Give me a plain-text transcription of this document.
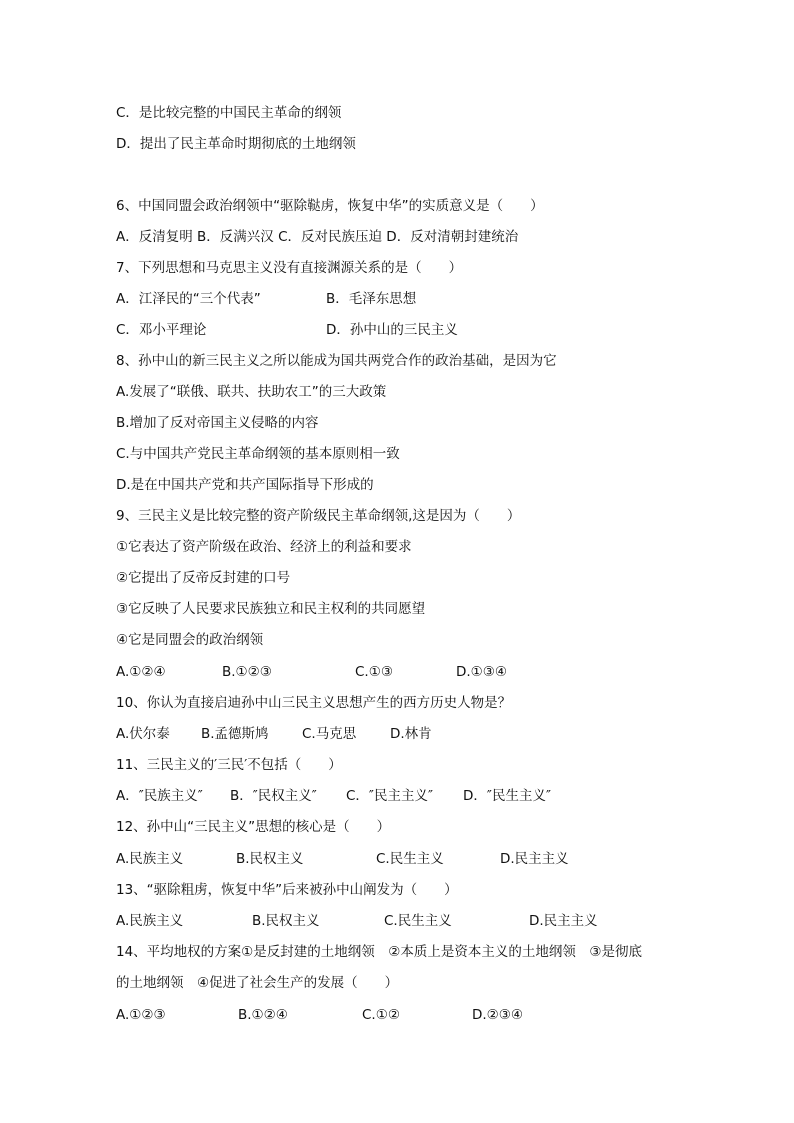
C．是比较完整的中国民主革命的纲领
D．提出了民主革命时期彻底的土地纲领
6、中国同盟会政治纲领中“驱除鞑虏，恢复中华”的实质意义是（　　）
A．反清复明 B．反满兴汉 C．反对民族压迫 D．反对清朝封建统治
7、下列思想和马克思主义没有直接渊源关系的是（　　）
A．江泽民的“三个代表”	B．毛泽东思想
C．邓小平理论	D．孙中山的三民主义
8、孙中山的新三民主义之所以能成为国共两党合作的政治基础，是因为它
A.发展了“联俄、联共、扶助农工”的三大政策
B.增加了反对帝国主义侵略的内容
C.与中国共产党民主革命纲领的基本原则相一致
D.是在中国共产党和共产国际指导下形成的
9、三民主义是比较完整的资产阶级民主革命纲领,这是因为（　　）
①它表达了资产阶级在政治、经济上的利益和要求
②它提出了反帝反封建的口号
③它反映了人民要求民族独立和民主权利的共同愿望
④它是同盟会的政治纲领
A.①②④	B.①②③	C.①③	D.①③④
10、你认为直接启迪孙中山三民主义思想产生的西方历史人物是？
A.伏尔泰 B.孟德斯鸠 C.马克思	D.林肯
11、三民主义的′三民′不包括（　　）
A．″民族主义″ B．″民权主义″ C．″民主主义″ D．″民生主义″
12、孙中山“三民主义”思想的核心是（　　）
A.民族主义	B.民权主义	C.民生主义	D.民主主义
13、“驱除粗虏，恢复中华”后来被孙中山阐发为（　　）
A.民族主义	B.民权主义	C.民生主义	D.民主主义
14、平均地权的方案①是反封建的土地纲领　②本质上是资本主义的土地纲领　③是彻底
的土地纲领　④促进了社会生产的发展（　　）
A.①②③	B.①②④	C.①②	D.②③④
